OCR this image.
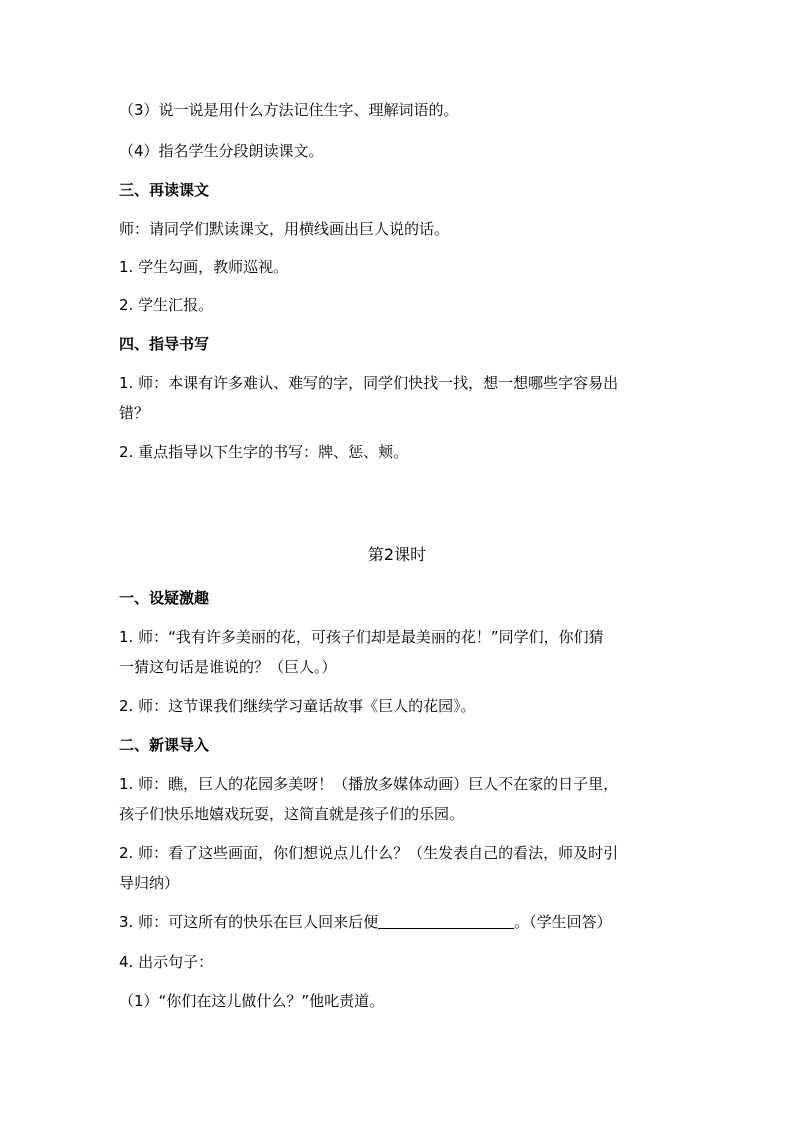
（3）说一说是用什么方法记住生字、理解词语的。
（4）指名学生分段朗读课文。
三、再读课文
师：请同学们默读课文，用横线画出巨人说的话。
1. 学生勾画，教师巡视。
2. 学生汇报。
四、指导书写
1. 师：本课有许多难认、难写的字，同学们快找一找，想一想哪些字容易出
错？
2. 重点指导以下生字的书写：牌、惩、颊。
第2课时
一、设疑激趣
1. 师：“我有许多美丽的花，可孩子们却是最美丽的花！”同学们，你们猜
一猜这句话是谁说的？（巨人。）
2. 师：这节课我们继续学习童话故事《巨人的花园》。
二、新课导入
1. 师：瞧，巨人的花园多美呀！（播放多媒体动画）巨人不在家的日子里，
孩子们快乐地嬉戏玩耍，这简直就是孩子们的乐园。
2. 师：看了这些画面，你们想说点儿什么？（生发表自己的看法，师及时引
导归纳）
3. 师：可这所有的快乐在巨人回来后便	。（学生回答）
4. 出示句子：
（1）“你们在这儿做什么？”他叱责道。
